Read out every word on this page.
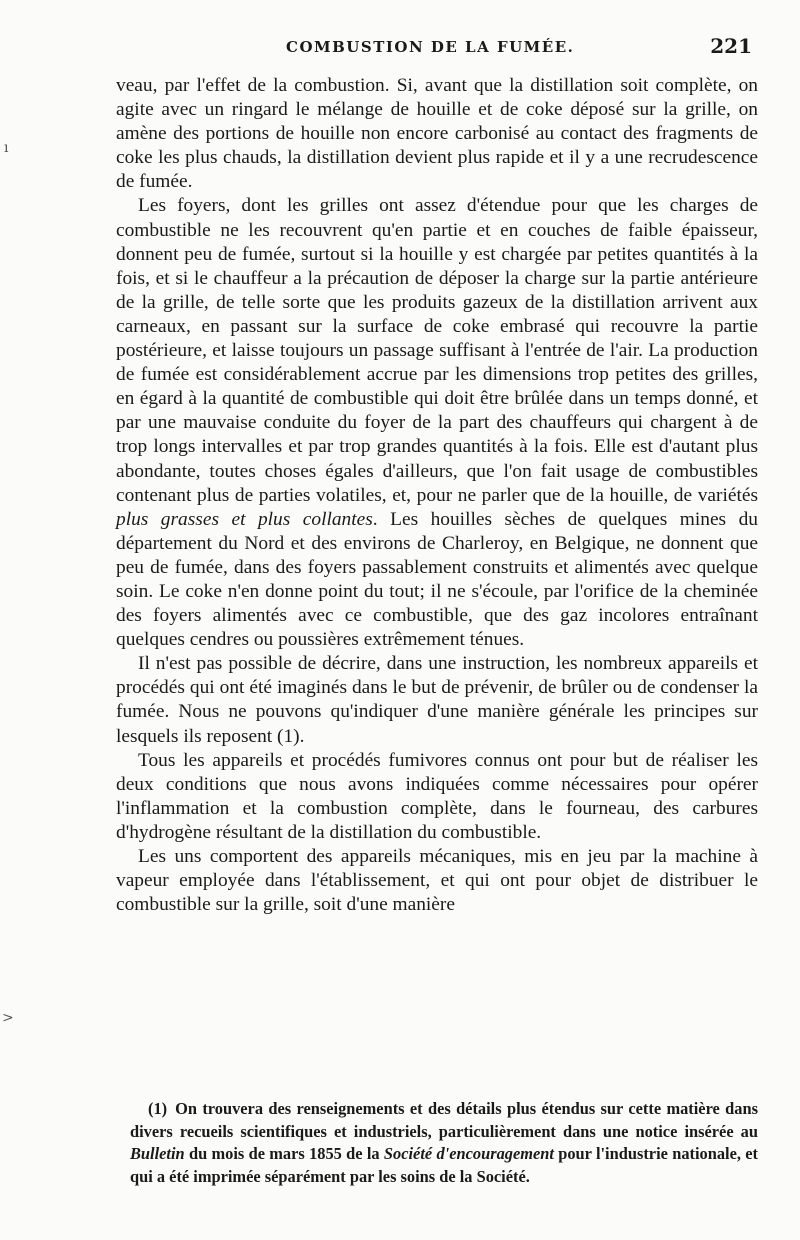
COMBUSTION DE LA FUMÉE.	221

veau, par l'effet de la combustion. Si, avant que la distillation soit complète, on agite avec un ringard le mélange de houille et de coke déposé sur la grille, on amène des portions de houille non encore carbonisé au contact des fragments de coke les plus chauds, la distillation devient plus rapide et il y a une recrudescence de fumée.

Les foyers, dont les grilles ont assez d'étendue pour que les charges de combustible ne les recouvrent qu'en partie et en couches de faible épaisseur, donnent peu de fumée, surtout si la houille y est chargée par petites quantités à la fois, et si le chauffeur a la précaution de déposer la charge sur la partie antérieure de la grille, de telle sorte que les produits gazeux de la distillation arrivent aux carneaux, en passant sur la surface de coke embrasé qui recouvre la partie postérieure, et laisse toujours un passage suffisant à l'entrée de l'air. La production de fumée est considérablement accrue par les dimensions trop petites des grilles, en égard à la quantité de combustible qui doit être brûlée dans un temps donné, et par une mauvaise conduite du foyer de la part des chauffeurs qui chargent à de trop longs intervalles et par trop grandes quantités à la fois. Elle est d'autant plus abondante, toutes choses égales d'ailleurs, que l'on fait usage de combustibles contenant plus de parties volatiles, et, pour ne parler que de la houille, de variétés plus grasses et plus collantes. Les houilles sèches de quelques mines du département du Nord et des environs de Charleroy, en Belgique, ne donnent que peu de fumée, dans des foyers passablement construits et alimentés avec quelque soin. Le coke n'en donne point du tout; il ne s'écoule, par l'orifice de la cheminée des foyers alimentés avec ce combustible, que des gaz incolores entraînant quelques cendres ou poussières extrêmement ténues.

Il n'est pas possible de décrire, dans une instruction, les nombreux appareils et procédés qui ont été imaginés dans le but de prévenir, de brûler ou de condenser la fumée. Nous ne pouvons qu'indiquer d'une manière générale les principes sur lesquels ils reposent (1).

Tous les appareils et procédés fumivores connus ont pour but de réaliser les deux conditions que nous avons indiquées comme nécessaires pour opérer l'inflammation et la combustion complète, dans le fourneau, des carbures d'hydrogène résultant de la distillation du combustible.

Les uns comportent des appareils mécaniques, mis en jeu par la machine à vapeur employée dans l'établissement, et qui ont pour objet de distribuer le combustible sur la grille, soit d'une manière

(1) On trouvera des renseignements et des détails plus étendus sur cette matière dans divers recueils scientifiques et industriels, particulièrement dans une notice insérée au Bulletin du mois de mars 1855 de la Société d'encouragement pour l'industrie nationale, et qui a été imprimée séparément par les soins de la Société.
ı
>
